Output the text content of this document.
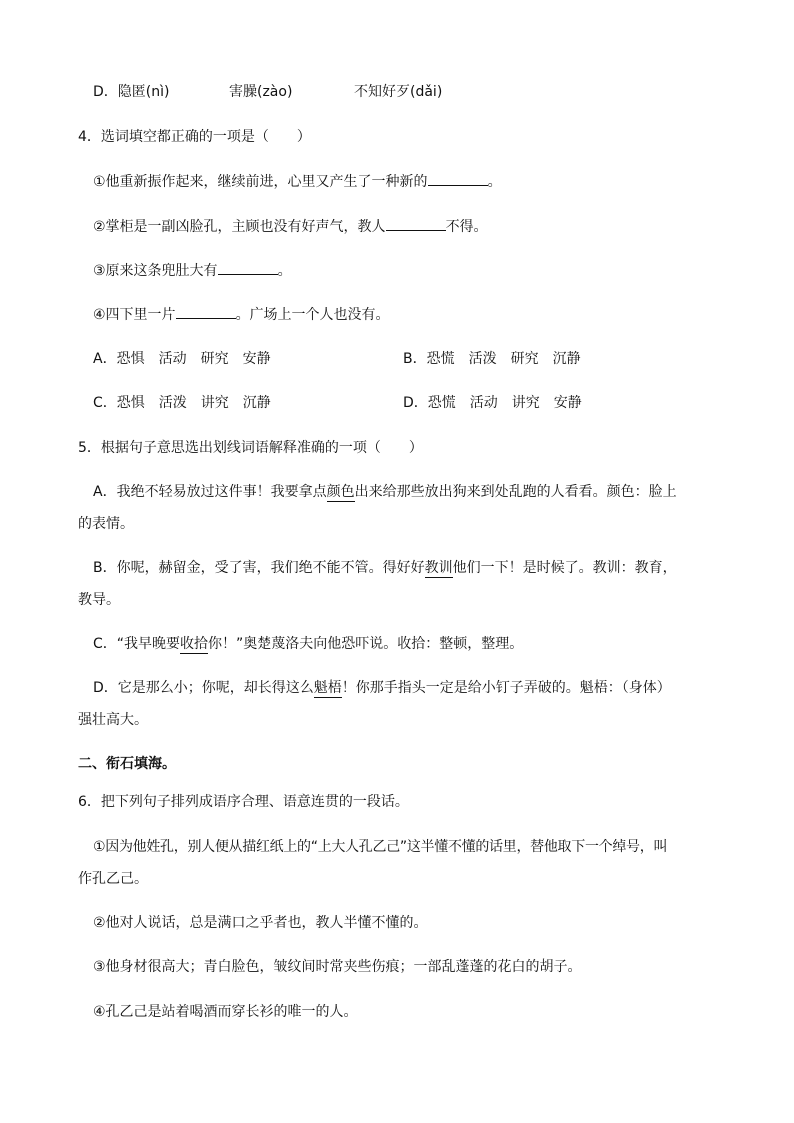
D．隐匿(nì)	害臊(zào)	不知好歹(dǎi)
4．选词填空都正确的一项是（　　）
①他重新振作起来，继续前进，心里又产生了一种新的	。
②掌柜是一副凶脸孔，主顾也没有好声气，教人	不得。
③原来这条兜肚大有	。
④四下里一片	。广场上一个人也没有。
A．恐惧　活动　研究　安静	B．恐慌　活泼　研究　沉静
C．恐惧　活泼　讲究　沉静	D．恐慌　活动　讲究　安静
5．根据句子意思选出划线词语解释准确的一项（　　）
A．我绝不轻易放过这件事！我要拿点颜色出来给那些放出狗来到处乱跑的人看看。颜色：脸上
的表情。
B．你呢，赫留金，受了害，我们绝不能不管。得好好教训他们一下！是时候了。教训：教育，
教导。
C．“我早晚要收拾你！”奥楚蔑洛夫向他恐吓说。收拾：整顿，整理。
D．它是那么小；你呢，却长得这么魁梧！你那手指头一定是给小钉子弄破的。魁梧：（身体）
强壮高大。
二、衔石填海。
6．把下列句子排列成语序合理、语意连贯的一段话。
①因为他姓孔，别人便从描红纸上的“上大人孔乙己”这半懂不懂的话里，替他取下一个绰号，叫
作孔乙己。
②他对人说话，总是满口之乎者也，教人半懂不懂的。
③他身材很高大；青白脸色，皱纹间时常夹些伤痕；一部乱蓬蓬的花白的胡子。
④孔乙己是站着喝酒而穿长衫的唯一的人。
